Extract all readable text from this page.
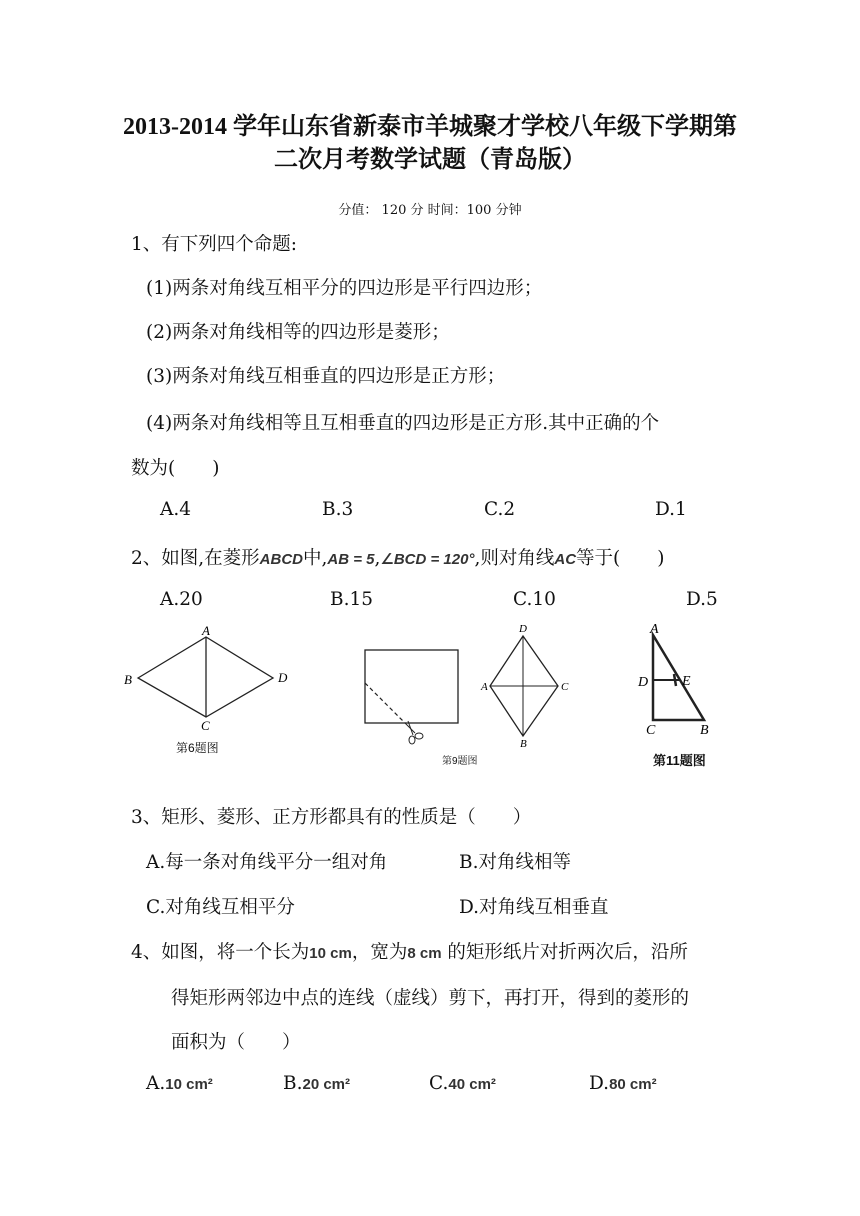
2013-2014 学年山东省新泰市羊城聚才学校八年级下学期第
二次月考数学试题（青岛版）
分值： 120 分 时间：100 分钟
1、有下列四个命题:
(1)两条对角线互相平分的四边形是平行四边形；
(2)两条对角线相等的四边形是菱形；
(3)两条对角线互相垂直的四边形是正方形；
(4)两条对角线相等且互相垂直的四边形是正方形.其中正确的个
数为(　　)
A.4	B.3	C.2	D.1
2、如图,在菱形ABCD中,AB = 5,∠BCD = 120°,则对角线AC等于(　　)
A.20	B.15	C.10	D.5
A
B
C
D
第6题图
D
A	C
B
第9题图
A
D E
C	B
第11题图
3、矩形、菱形、正方形都具有的性质是（　　）
A.每一条对角线平分一组对角	B.对角线相等
C.对角线互相平分	D.对角线互相垂直
4、如图，将一个长为10 cm，宽为8 cm 的矩形纸片对折两次后，沿所
得矩形两邻边中点的连线（虚线）剪下，再打开，得到的菱形的
面积为（　　）
A.10 cm²	B.20 cm²	C.40 cm²	D.80 cm²
